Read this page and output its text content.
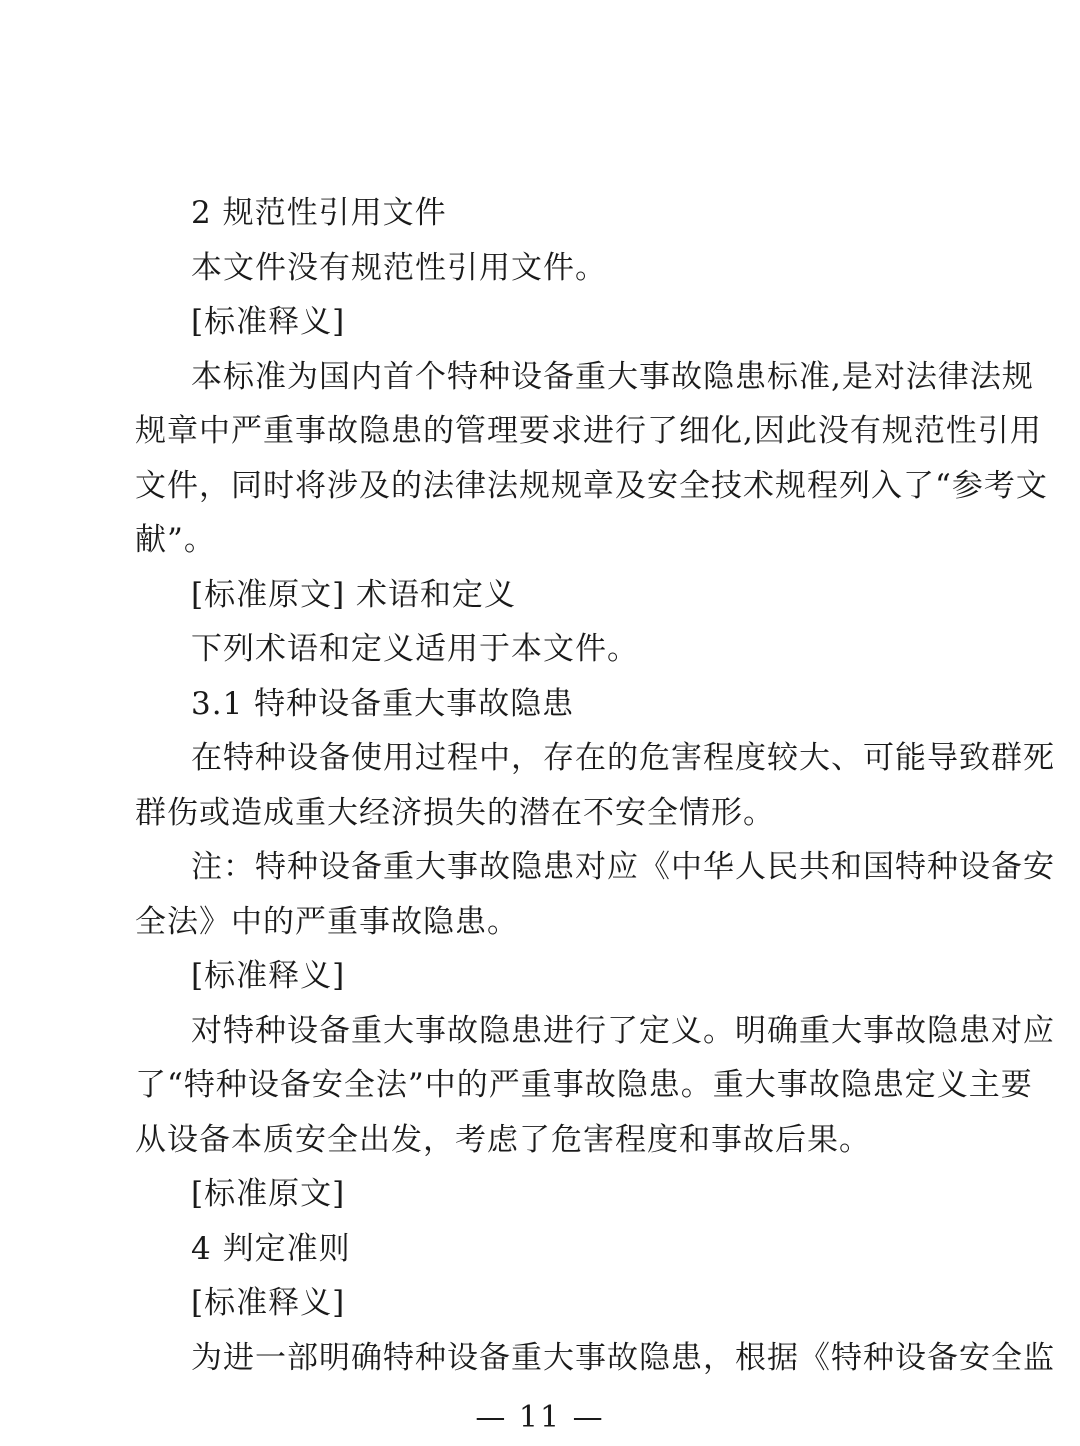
2 规范性引用文件
本文件没有规范性引用文件。
[标准释义]
本标准为国内首个特种设备重大事故隐患标准,是对法律法规
规章中严重事故隐患的管理要求进行了细化,因此没有规范性引用
文件，同时将涉及的法律法规规章及安全技术规程列入了“参考文
献”。
[标准原文] 术语和定义
下列术语和定义适用于本文件。
3.1 特种设备重大事故隐患
在特种设备使用过程中，存在的危害程度较大、可能导致群死
群伤或造成重大经济损失的潜在不安全情形。
注：特种设备重大事故隐患对应《中华人民共和国特种设备安
全法》中的严重事故隐患。
[标准释义]
对特种设备重大事故隐患进行了定义。明确重大事故隐患对应
了“特种设备安全法”中的严重事故隐患。重大事故隐患定义主要
从设备本质安全出发，考虑了危害程度和事故后果。
[标准原文]
4 判定准则
[标准释义]
为进一部明确特种设备重大事故隐患，根据《特种设备安全监
— 11 —
